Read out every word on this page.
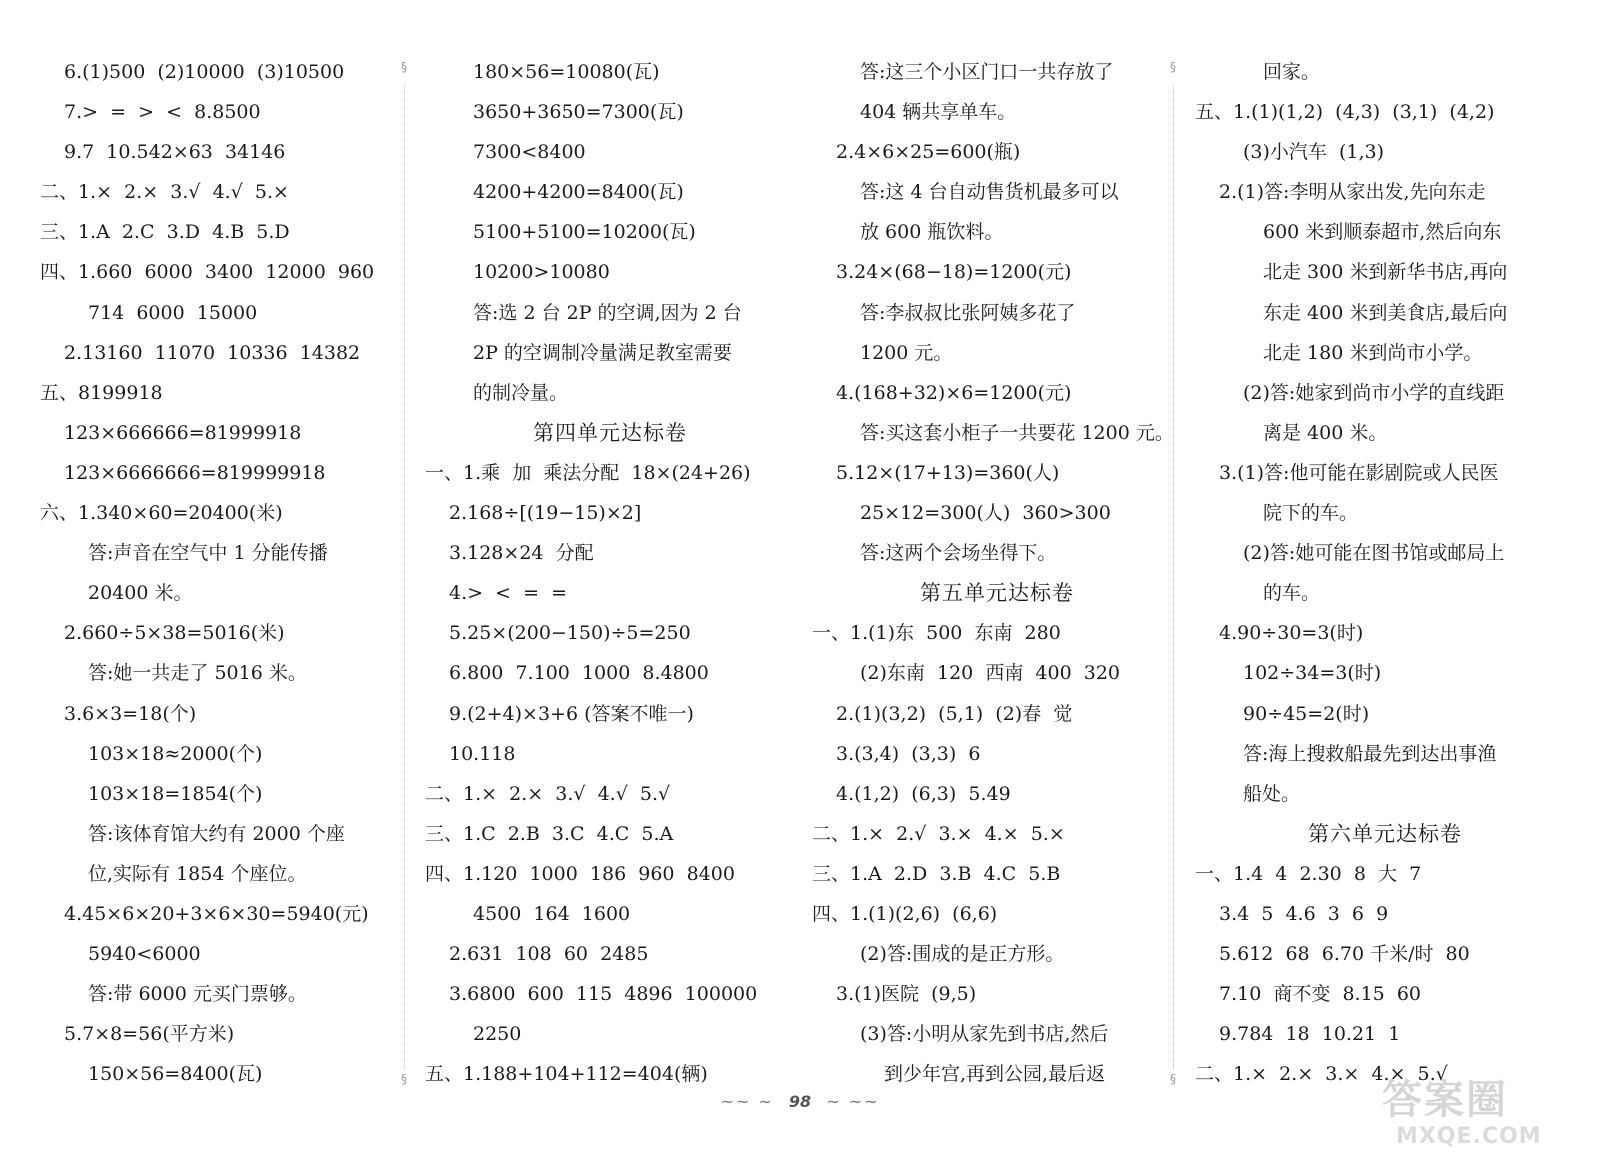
6.(1)500  (2)10000  (3)10500
7.>  =  >  <  8.8500
9.7  10.542×63  34146
二、1.×  2.×  3.√  4.√  5.×
三、1.A  2.C  3.D  4.B  5.D
四、1.660  6000  3400  12000  960
714  6000  15000
2.13160  11070  10336  14382
五、8199918
123×666666=81999918
123×6666666=819999918
六、1.340×60=20400(米)
答:声音在空气中 1 分能传播
20400 米。
2.660÷5×38=5016(米)
答:她一共走了 5016 米。
3.6×3=18(个)
103×18≈2000(个)
103×18=1854(个)
答:该体育馆大约有 2000 个座
位,实际有 1854 个座位。
4.45×6×20+3×6×30=5940(元)
5940<6000
答:带 6000 元买门票够。
5.7×8=56(平方米)
150×56=8400(瓦)
180×56=10080(瓦)
3650+3650=7300(瓦)
7300<8400
4200+4200=8400(瓦)
5100+5100=10200(瓦)
10200>10080
答:选 2 台 2P 的空调,因为 2 台
2P 的空调制冷量满足教室需要
的制冷量。
第四单元达标卷
一、1.乘  加  乘法分配  18×(24+26)
2.168÷[(19−15)×2]
3.128×24  分配
4.>  <  =  =
5.25×(200−150)÷5=250
6.800  7.100  1000  8.4800
9.(2+4)×3+6 (答案不唯一)
10.118
二、1.×  2.×  3.√  4.√  5.√
三、1.C  2.B  3.C  4.C  5.A
四、1.120  1000  186  960  8400
4500  164  1600
2.631  108  60  2485
3.6800  600  115  4896  100000
2250
五、1.188+104+112=404(辆)
答:这三个小区门口一共存放了
404 辆共享单车。
2.4×6×25=600(瓶)
答:这 4 台自动售货机最多可以
放 600 瓶饮料。
3.24×(68−18)=1200(元)
答:李叔叔比张阿姨多花了
1200 元。
4.(168+32)×6=1200(元)
答:买这套小柜子一共要花 1200 元。
5.12×(17+13)=360(人)
25×12=300(人)  360>300
答:这两个会场坐得下。
第五单元达标卷
一、1.(1)东  500  东南  280
(2)东南  120  西南  400  320
2.(1)(3,2)  (5,1)  (2)春  觉
3.(3,4)  (3,3)  6
4.(1,2)  (6,3)  5.49
二、1.×  2.√  3.×  4.×  5.×
三、1.A  2.D  3.B  4.C  5.B
四、1.(1)(2,6)  (6,6)
(2)答:围成的是正方形。
3.(1)医院  (9,5)
(3)答:小明从家先到书店,然后
到少年宫,再到公园,最后返
回家。
五、1.(1)(1,2)  (4,3)  (3,1)  (4,2)
(3)小汽车  (1,3)
2.(1)答:李明从家出发,先向东走
600 米到顺泰超市,然后向东
北走 300 米到新华书店,再向
东走 400 米到美食店,最后向
北走 180 米到尚市小学。
(2)答:她家到尚市小学的直线距
离是 400 米。
3.(1)答:他可能在影剧院或人民医
院下的车。
(2)答:她可能在图书馆或邮局上
的车。
4.90÷30=3(时)
102÷34=3(时)
90÷45=2(时)
答:海上搜救船最先到达出事渔
船处。
第六单元达标卷
一、1.4  4  2.30  8  大  7
3.4  5  4.6  3  6  9
5.612  68  6.70 千米/时  80
7.10  商不变  8.15  60
9.784  18  10.21  1
二、1.×  2.×  3.×  4.×  5.√
§
§
§
§
~~ ~ 98 ~ ~~	答案圈
MXQE.COM
